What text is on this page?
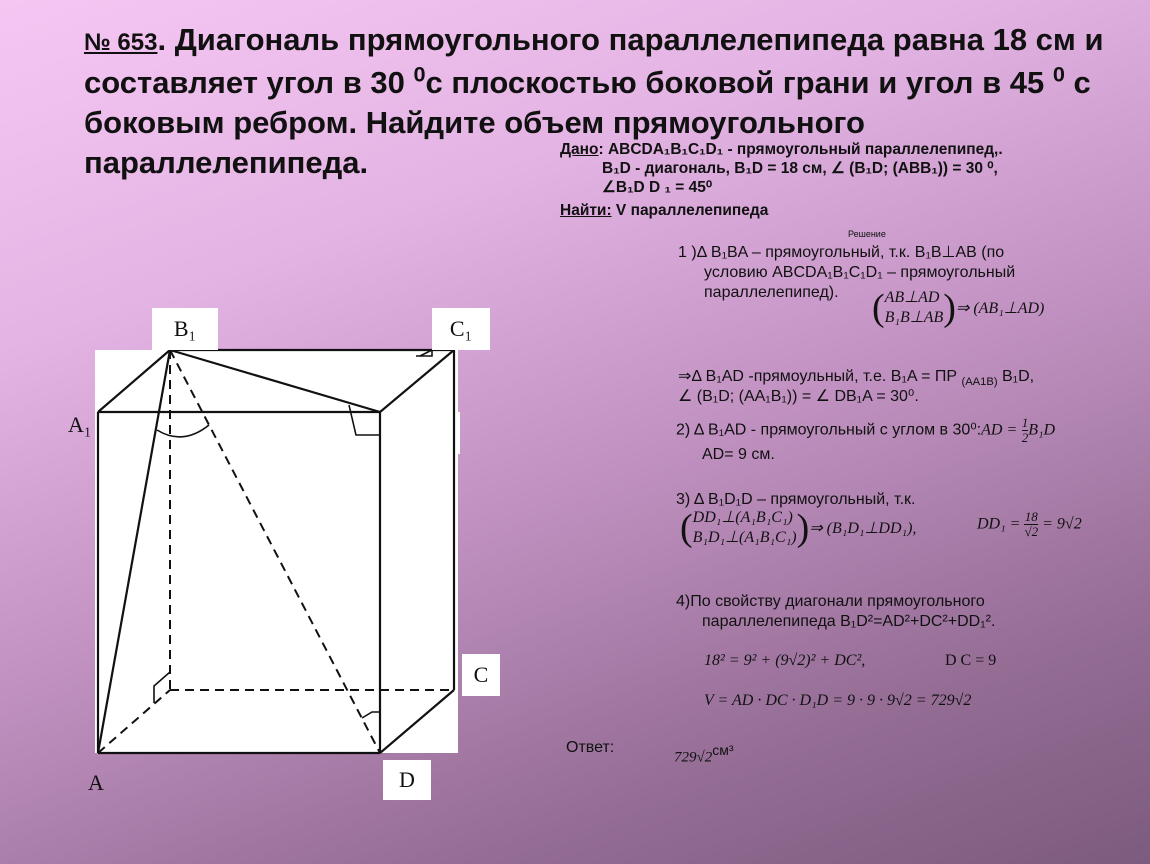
№ 653. Диагональ прямоугольного параллелепипеда равна 18 см и составляет угол в 30 $^0$с плоскостью боковой грани и угол в 45 $^0$ с боковым ребром. Найдите объем прямоугольного параллелепипеда.	Дано: ABCDA₁B₁C₁D₁ - прямоугольный параллелепипед,.
B₁D - диагональ, B₁D = 18 см, ∠ (B₁D; (ABB₁)) = 30 ⁰,
∠B₁D D ₁ = 45⁰
Найти: V параллелепипеда
Решение
1 )Δ B₁BA – прямоугольный, т.к. B₁B⊥AB (по
условию ABCDA₁B₁C₁D₁ – прямоугольный
параллелепипед). ( AB⊥AD
B₁B⊥AB )⇒ (AB₁⊥AD)
⇒Δ B₁AD -прямоульный, т.е. B₁A = ПР $_{(AA1B)}$ B₁D,
∠ (B₁D; (AA₁B₁)) = ∠ DB₁A = 30⁰.
2) Δ B₁AD - прямоугольный с углом в 30⁰:AD = $\frac{1}{2} B_1D$
AD= 9 см.
3) Δ B₁D₁D – прямоугольный, т.к.
( DD₁⊥(A₁B₁C₁)
B₁D₁⊥(A₁B₁C₁) )⇒ (B₁D₁⊥DD₁),	$DD_1 = \frac{18}{√2} = 9√2$
4)По свойству диагонали прямоугольного
параллелепипеда B₁D²=AD²+DC²+DD₁².
18² = 9² + (9√2)² + DC²,	D C = 9
V = AD · DC · D₁D = 9 · 9 · 9√2 = 729√2
Ответ:
729√2см³
B₁	C₁
A₁
C
A	D
